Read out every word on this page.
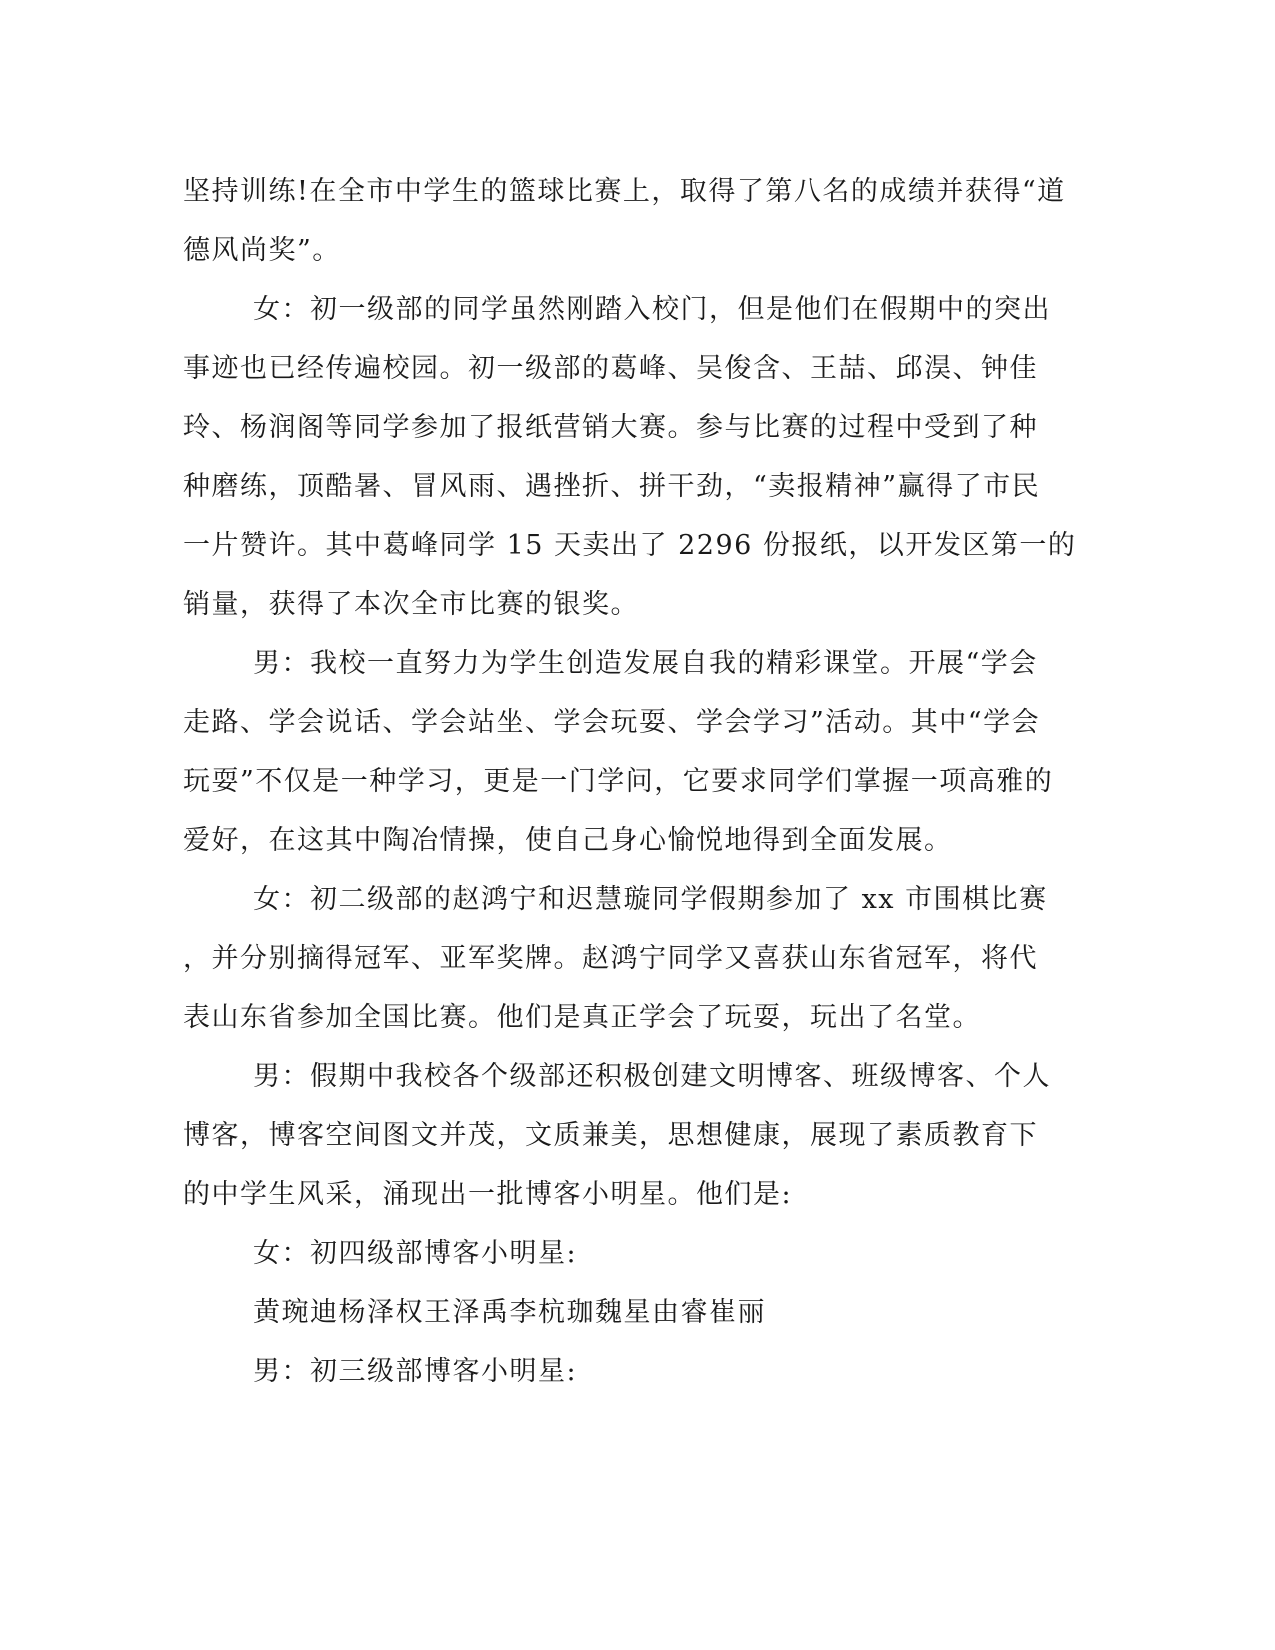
坚持训练!在全市中学生的篮球比赛上，取得了第八名的成绩并获得“道
德风尚奖”。
女：初一级部的同学虽然刚踏入校门，但是他们在假期中的突出
事迹也已经传遍校园。初一级部的葛峰、吴俊含、王喆、邱淏、钟佳
玲、杨润阁等同学参加了报纸营销大赛。参与比赛的过程中受到了种
种磨练，顶酷暑、冒风雨、遇挫折、拼干劲，“卖报精神”赢得了市民
一片赞许。其中葛峰同学 15 天卖出了 2296 份报纸，以开发区第一的
销量，获得了本次全市比赛的银奖。
男：我校一直努力为学生创造发展自我的精彩课堂。开展“学会
走路、学会说话、学会站坐、学会玩耍、学会学习”活动。其中“学会
玩耍”不仅是一种学习，更是一门学问，它要求同学们掌握一项高雅的
爱好，在这其中陶冶情操，使自己身心愉悦地得到全面发展。
女：初二级部的赵鸿宁和迟慧璇同学假期参加了 xx 市围棋比赛
，并分别摘得冠军、亚军奖牌。赵鸿宁同学又喜获山东省冠军，将代
表山东省参加全国比赛。他们是真正学会了玩耍，玩出了名堂。
男：假期中我校各个级部还积极创建文明博客、班级博客、个人
博客，博客空间图文并茂，文质兼美，思想健康，展现了素质教育下
的中学生风采，涌现出一批博客小明星。他们是:
女：初四级部博客小明星:
黄琬迪杨泽权王泽禹李杭珈魏星由睿崔丽
男：初三级部博客小明星:
